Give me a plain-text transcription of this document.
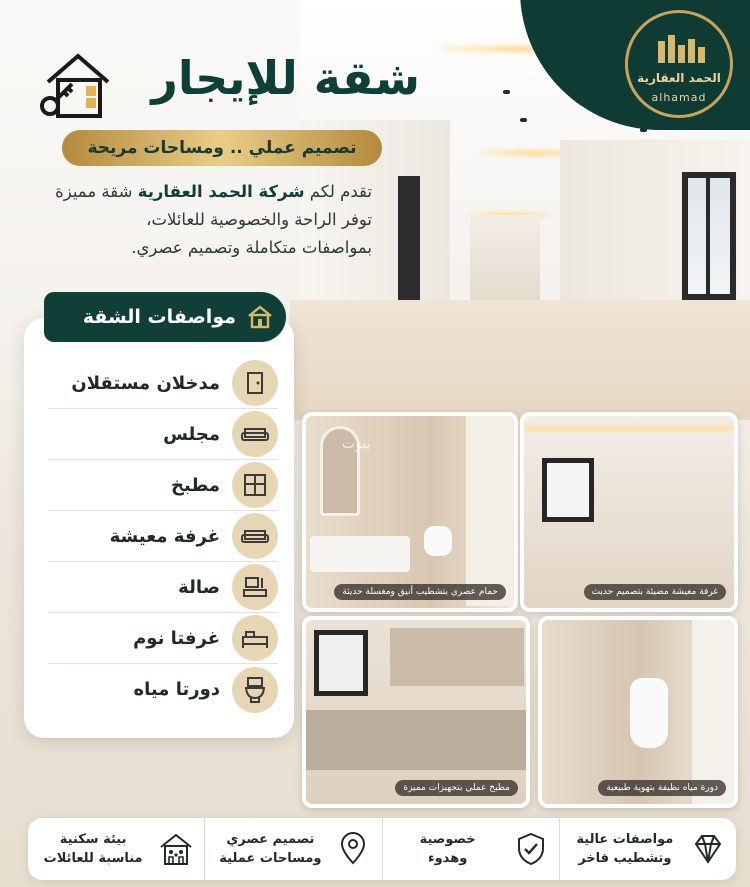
الحمد العقارية
alhamad
شقة للإيجار
تصميم عملي .. ومساحات مريحة
تقدم لكم شركة الحمد العقارية شقة مميزة
توفر الراحة والخصوصية للعائلات،
بمواصفات متكاملة وتصميم عصري.
مواصفات الشقة
مدخلان مستقلان
مجلس
مطبخ
غرفة معيشة
صالة
غرفتا نوم
دورتا مياه
بيوت
حمام عصري بتشطيب أنيق ومغسلة حديثة	غرفة معيشة مضيئة بتصميم حديث
مطبخ عملي بتجهيزات مميزة	دورة مياه نظيفة بتهوية طبيعية
مواصفات عالية
وتشطيب فاخر
خصوصية
وهدوء
تصميم عصري
ومساحات عملية
بيئة سكنية
مناسبة للعائلات
